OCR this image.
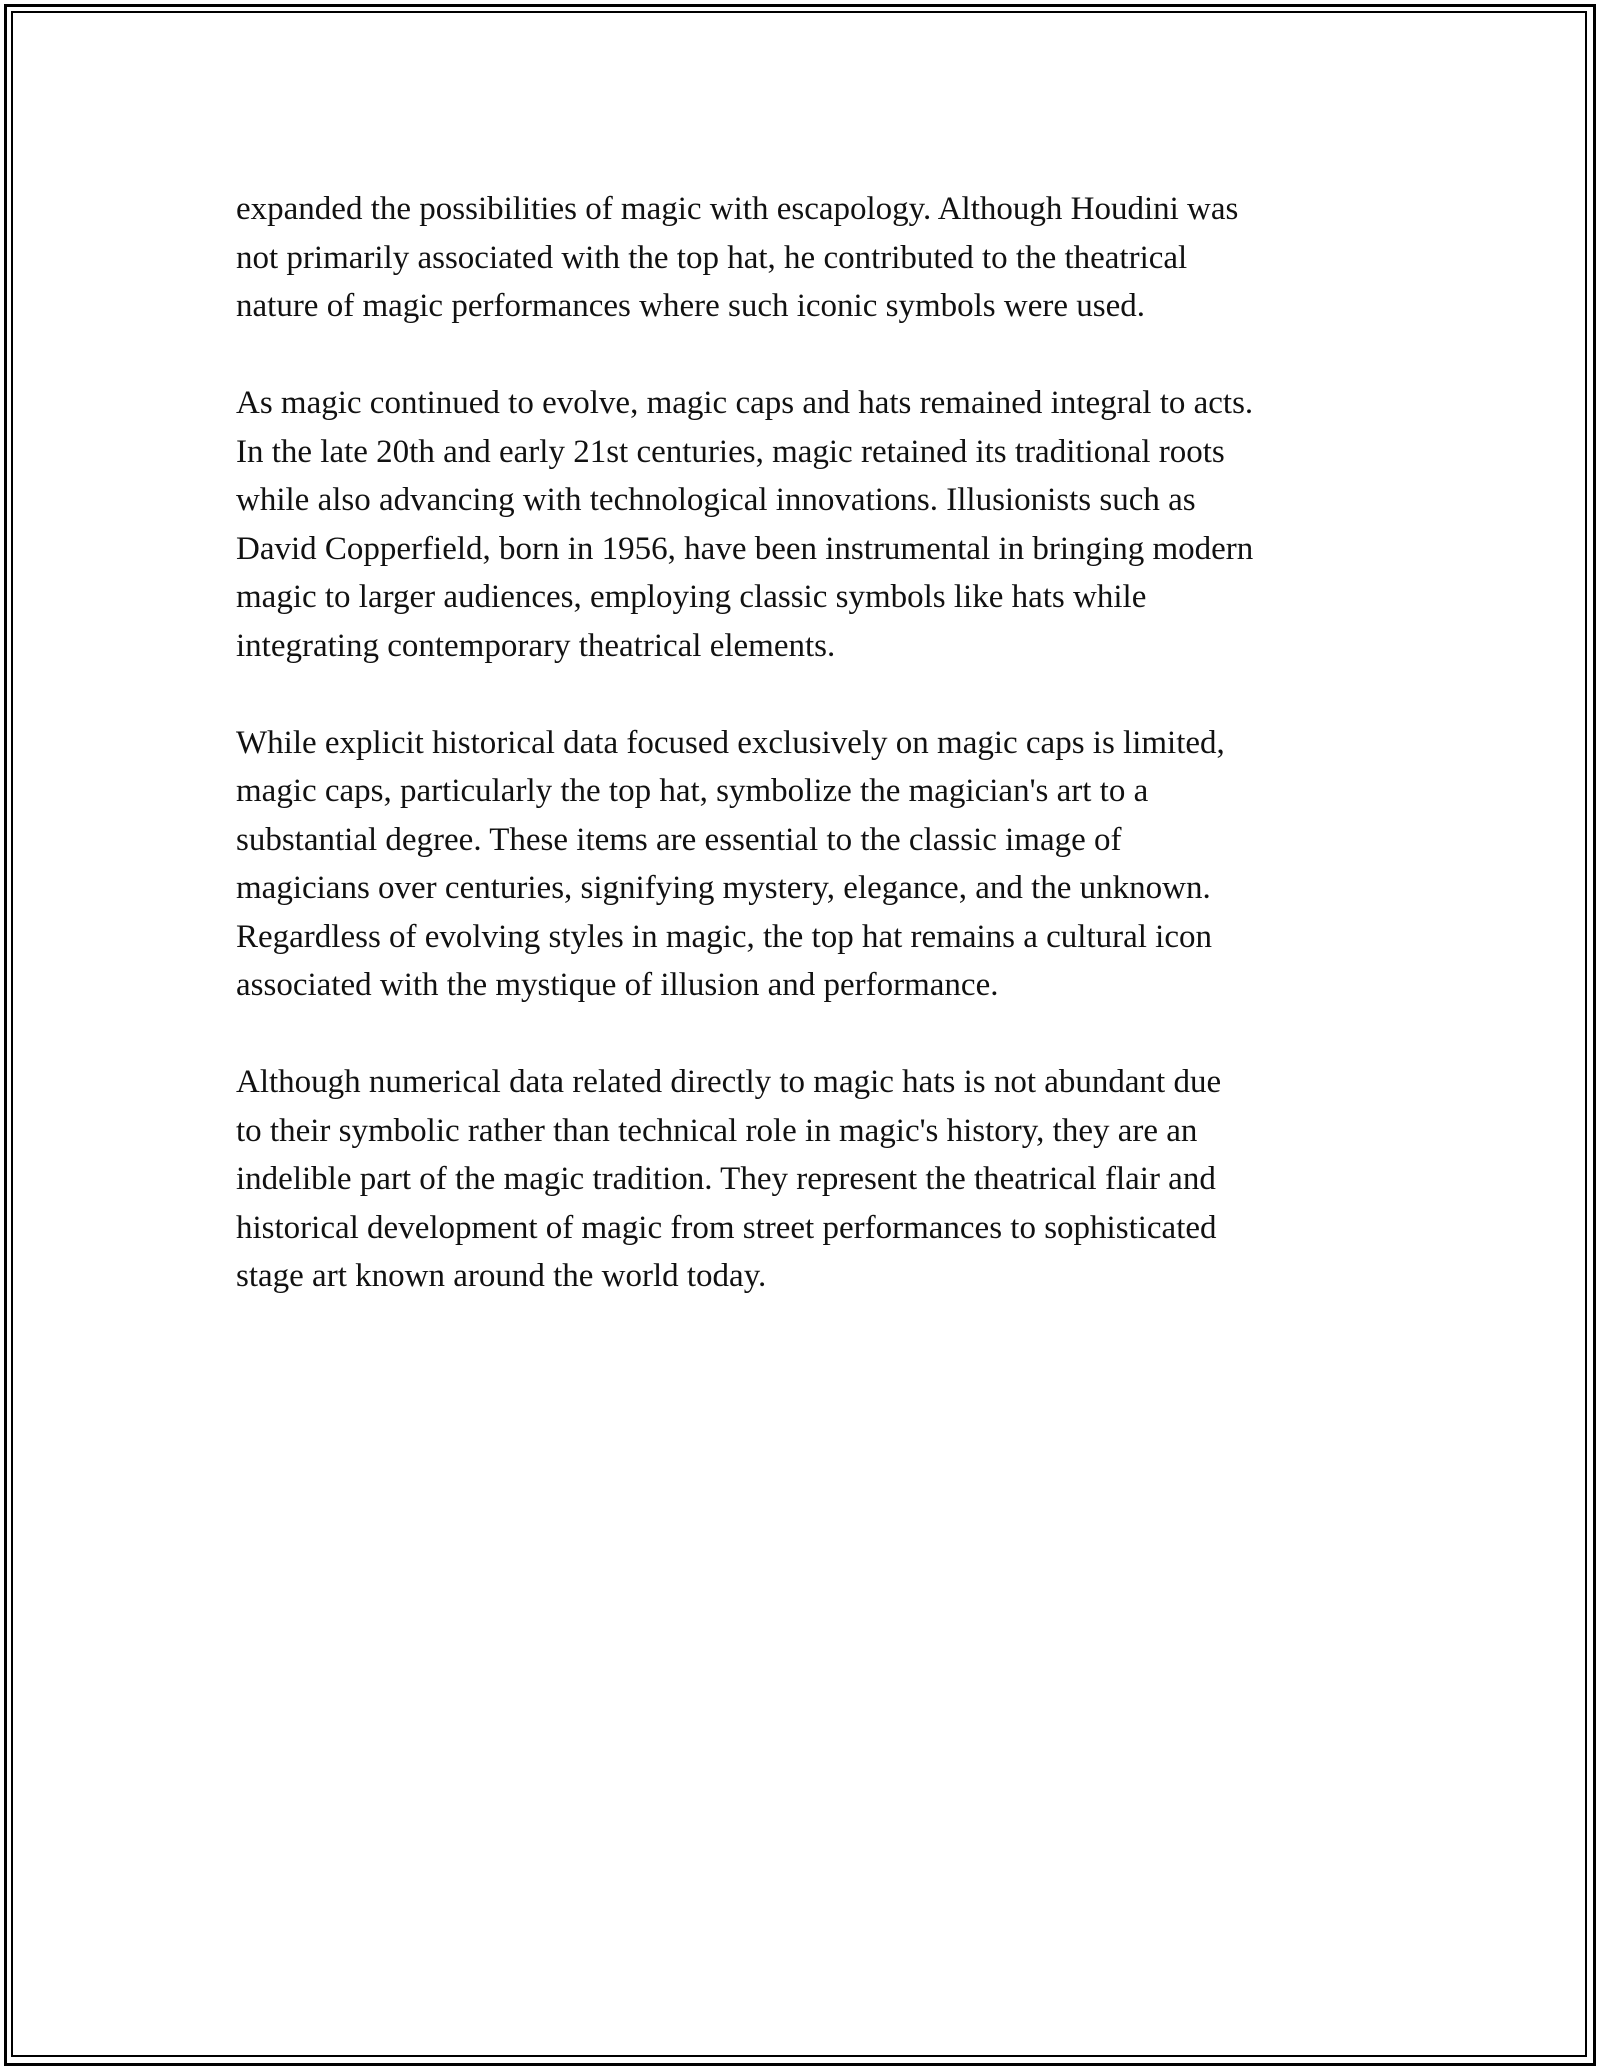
expanded the possibilities of magic with escapology. Although Houdini was
not primarily associated with the top hat, he contributed to the theatrical
nature of magic performances where such iconic symbols were used.

As magic continued to evolve, magic caps and hats remained integral to acts.
In the late 20th and early 21st centuries, magic retained its traditional roots
while also advancing with technological innovations. Illusionists such as
David Copperfield, born in 1956, have been instrumental in bringing modern
magic to larger audiences, employing classic symbols like hats while
integrating contemporary theatrical elements.

While explicit historical data focused exclusively on magic caps is limited,
magic caps, particularly the top hat, symbolize the magician's art to a
substantial degree. These items are essential to the classic image of
magicians over centuries, signifying mystery, elegance, and the unknown.
Regardless of evolving styles in magic, the top hat remains a cultural icon
associated with the mystique of illusion and performance.

Although numerical data related directly to magic hats is not abundant due
to their symbolic rather than technical role in magic's history, they are an
indelible part of the magic tradition. They represent the theatrical flair and
historical development of magic from street performances to sophisticated
stage art known around the world today.
